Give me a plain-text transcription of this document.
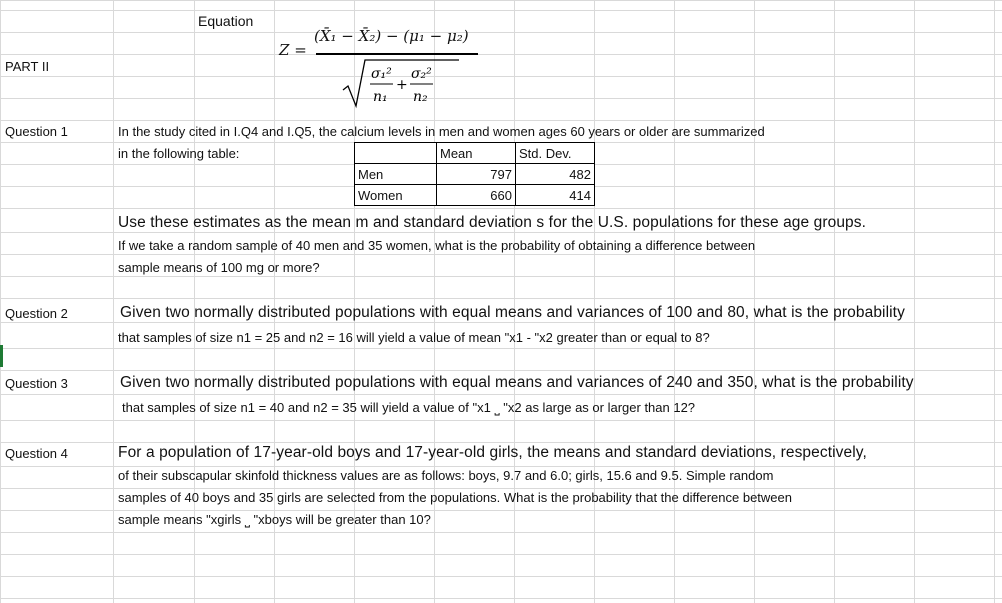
Equation
Z =
(X̄₁ − X̄₂) − (μ₁ − μ₂)
σ₁²
n₁
+
σ₂²
n₂
PART II
Question 1	In the study cited in I.Q4 and I.Q5, the calcium levels in men and women ages 60 years or older are summarized
in the following table:
		Mean	Std. Dev.
Men	797	482
Women	660	414
Use these estimates as the mean m and standard deviation s for the U.S. populations for these age groups.
If we take a random sample of 40 men and 35 women, what is the probability of obtaining a difference between
sample means of 100 mg or more?
Question 2	Given two normally distributed populations with equal means and variances of 100 and 80, what is the probability
that samples of size n1 = 25 and n2 = 16 will yield a value of mean "x1 - "x2 greater than or equal to 8?
Question 3	Given two normally distributed populations with equal means and variances of 240 and 350, what is the probability
that samples of size n1 = 40 and n2 = 35 will yield a value of "x1 ⎵ "x2 as large as or larger than 12?
Question 4	For a population of 17-year-old boys and 17-year-old girls, the means and standard deviations, respectively,
of their subscapular skinfold thickness values are as follows: boys, 9.7 and 6.0; girls, 15.6 and 9.5. Simple random
samples of 40 boys and 35 girls are selected from the populations. What is the probability that the difference between
sample means "xgirls ⎵ "xboys will be greater than 10?
